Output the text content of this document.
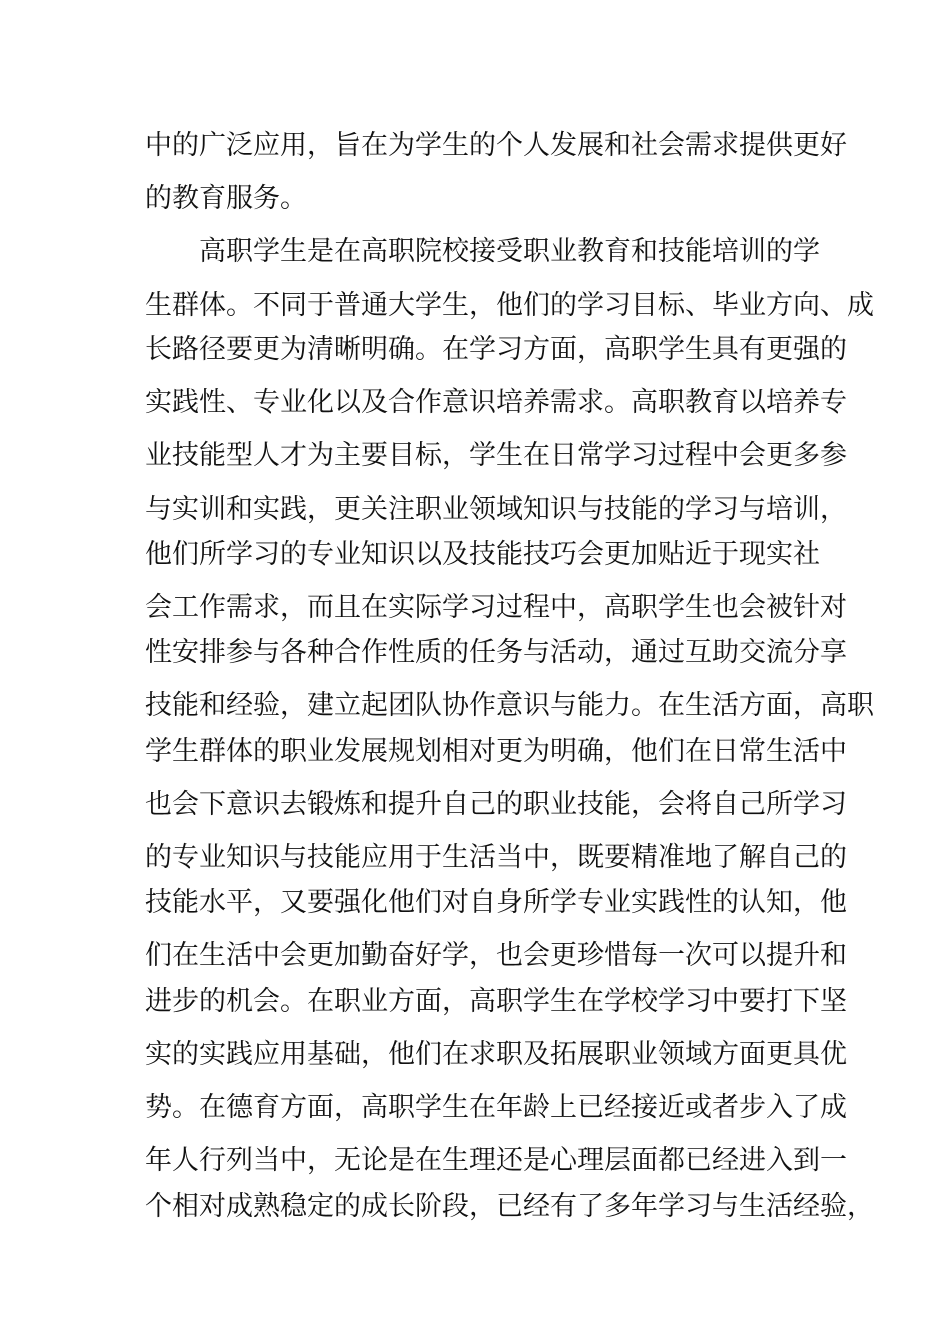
中的广泛应用，旨在为学生的个人发展和社会需求提供更好
的教育服务。
高职学生是在高职院校接受职业教育和技能培训的学
生群体。不同于普通大学生，他们的学习目标、毕业方向、成
长路径要更为清晰明确。在学习方面，高职学生具有更强的
实践性、专业化以及合作意识培养需求。高职教育以培养专
业技能型人才为主要目标，学生在日常学习过程中会更多参
与实训和实践，更关注职业领域知识与技能的学习与培训，
他们所学习的专业知识以及技能技巧会更加贴近于现实社
会工作需求，而且在实际学习过程中，高职学生也会被针对
性安排参与各种合作性质的任务与活动，通过互助交流分享
技能和经验，建立起团队协作意识与能力。在生活方面，高职
学生群体的职业发展规划相对更为明确，他们在日常生活中
也会下意识去锻炼和提升自己的职业技能，会将自己所学习
的专业知识与技能应用于生活当中，既要精准地了解自己的
技能水平，又要强化他们对自身所学专业实践性的认知，他
们在生活中会更加勤奋好学，也会更珍惜每一次可以提升和
进步的机会。在职业方面，高职学生在学校学习中要打下坚
实的实践应用基础，他们在求职及拓展职业领域方面更具优
势。在德育方面，高职学生在年龄上已经接近或者步入了成
年人行列当中，无论是在生理还是心理层面都已经进入到一
个相对成熟稳定的成长阶段，已经有了多年学习与生活经验，
